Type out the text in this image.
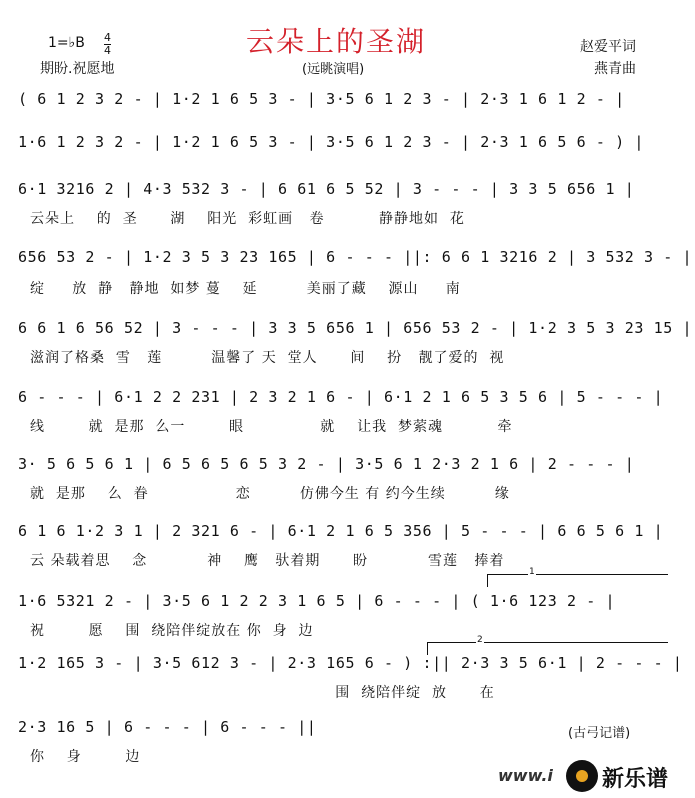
1=♭B 4
4	云朵上的圣湖	赵爱平词
期盼.祝愿地	(远眺演唱)	燕青曲
( 6 1 2 3 2 - | 1·2 1 6 5 3 - | 3·5 6 1 2 3 - | 2·3 1 6 1 2 - |
1·6 1 2 3 2 - | 1·2 1 6 5 3 - | 3·5 6 1 2 3 - | 2·3 1 6 5 6 - ) |
6·1 3216 2 | 4·3 532 3 - | 6 61 6 5 52 | 3 - - - | 3 3 5 656 1 |
云朵上    的  圣      湖    阳光  彩虹画   卷          静静地如  花
656 53 2 - | 1·2 3 5 3 23 165 | 6 - - - ||: 6 6 1 3216 2 | 3 532 3 - |
绽     放  静   静地  如梦 蔓    延         美丽了藏    源山     南
6 6 1 6 56 52 | 3 - - - | 3 3 5 656 1 | 656 53 2 - | 1·2 3 5 3 23 15 |
滋润了格桑  雪   莲         温馨了 天  堂人      间    扮   靓了爱的  视
6 - - - | 6·1 2 2 231 | 2 3 2 1 6 - | 6·1 2 1 6 5 3 5 6 | 5 - - - |
线        就  是那  么一        眼              就    让我  梦萦魂          牵
3· 5 6 5 6 1 | 6 5 6 5 6 5 3 2 - | 3·5 6 1 2·3 2 1 6 | 2 - - - |
就  是那    么  眷                恋         仿佛今生 有 约今生续         缘
6 1 6 1·2 3 1 | 2 321 6 - | 6·1 2 1 6 5 356 | 5 - - - | 6 6 5 6 1 |
云 朵载着思    念           神    鹰   驮着期      盼           雪莲   捧着
1
1·6 5321 2 - | 3·5 6 1 2 2 3 1 6 5 | 6 - - - | ( 1·6 123 2 - |
祝        愿    围  绕陪伴绽放在 你  身  边
2
1·2 165 3 - | 3·5 612 3 - | 2·3 165 6 - ) :|| 2·3 3 5 6·1 | 2 - - - |
围  绕陪伴绽  放      在
2·3 16 5 | 6 - - - | 6 - - - ||
你    身        边
(古弓记谱)
www.i 新乐谱
